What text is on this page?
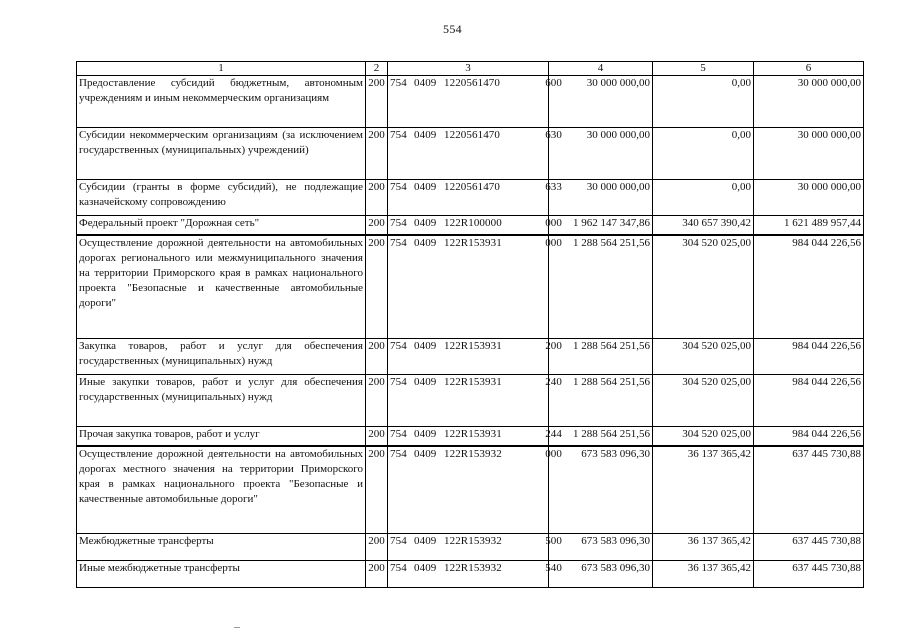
554
1	2	3	4	5	6
Предоставление субсидий бюджетным, автономным учреждениям и иным некоммерческим организациям	200	754 0409 1220561470 600	30 000 000,00	0,00	30 000 000,00
Субсидии некоммерческим организациям (за исключением государственных (муниципальных) учреждений)	200	754 0409 1220561470 630	30 000 000,00	0,00	30 000 000,00
Субсидии (гранты в форме субсидий), не подлежащие казначейскому сопровождению	200	754 0409 1220561470 633	30 000 000,00	0,00	30 000 000,00
Федеральный проект "Дорожная сеть"	200	754 0409 122R100000 000	1 962 147 347,86	340 657 390,42	1 621 489 957,44
Осуществление дорожной деятельности на автомобильных дорогах регионального или межмуниципального значения на территории Приморского края в рамках национального проекта "Безопасные и качественные автомобильные дороги"	200	754 0409 122R153931 000	1 288 564 251,56	304 520 025,00	984 044 226,56
Закупка товаров, работ и услуг для обеспечения государственных (муниципальных) нужд	200	754 0409 122R153931 200	1 288 564 251,56	304 520 025,00	984 044 226,56
Иные закупки товаров, работ и услуг для обеспечения государственных (муниципальных) нужд	200	754 0409 122R153931 240	1 288 564 251,56	304 520 025,00	984 044 226,56
Прочая закупка товаров, работ и услуг	200	754 0409 122R153931 244	1 288 564 251,56	304 520 025,00	984 044 226,56
Осуществление дорожной деятельности на автомобильных дорогах местного значения на территории Приморского края в рамках национального проекта "Безопасные и качественные автомобильные дороги"	200	754 0409 122R153932 000	673 583 096,30	36 137 365,42	637 445 730,88
Межбюджетные трансферты	200	754 0409 122R153932 500	673 583 096,30	36 137 365,42	637 445 730,88
Иные межбюджетные трансферты	200	754 0409 122R153932 540	673 583 096,30	36 137 365,42	637 445 730,88
